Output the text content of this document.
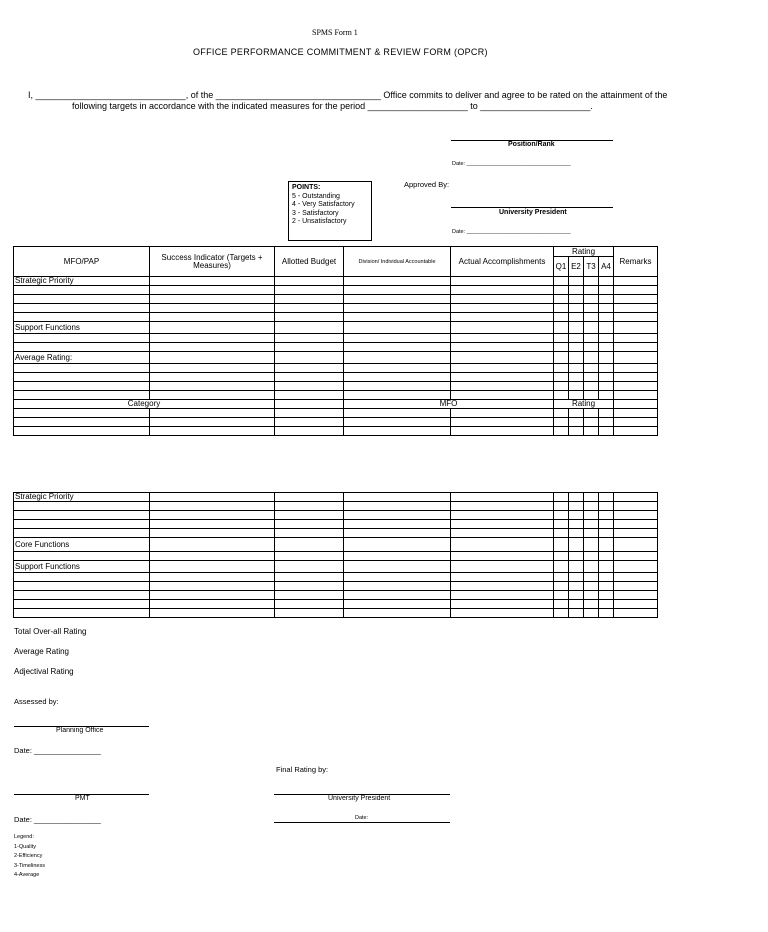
SPMS Form 1
OFFICE PERFORMANCE COMMITMENT & REVIEW FORM (OPCR)
I, ______________________________, of the _________________________________ Office commits to deliver and agree to be rated on the attainment of the
following targets in accordance with the indicated measures for the period ____________________ to ______________________.
Position/Rank
Date: __________________________________
Approved By:
University President
Date: __________________________________
POINTS:
5 - Outstanding
4 - Very Satisfactory
3 - Satisfactory
2 - Unsatisfactory
MFO/PAP	Success Indicator (Targets + Measures)	Allotted Budget	Division/ Individual Accountable	Actual Accomplishments	Rating				Remarks
					Q1	E2	T3	A4	
Strategic Priority									

Support Functions									

Average Rating:									

Category			MFO		Rating				

Strategic Priority									

Core Functions									

Support Functions									

Total Over-all Rating
Average Rating
Adjectival Rating
Assessed by:
Planning Office
Date: ________________
Final Rating by:
PMT	University President
Date: ________________	Date:
Legend:
1-Quality
2-Efficiency
3-Timeliness
4-Average
